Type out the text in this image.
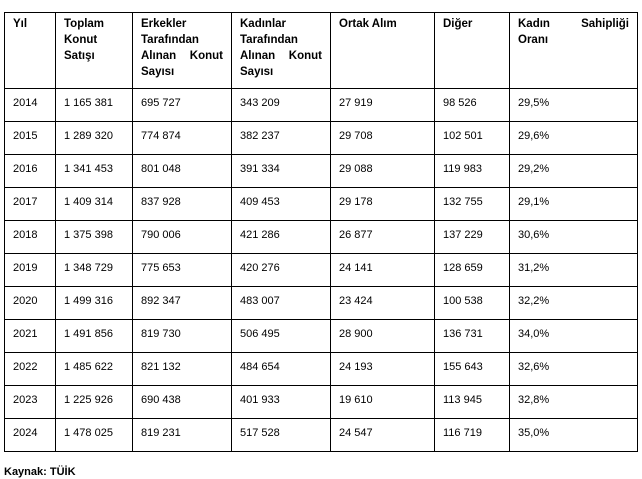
Yıl	Toplam
Konut
Satışı	Erkekler
Tarafından
Alınan Konut
Sayısı	Kadınlar
Tarafından
Alınan Konut
Sayısı	Ortak Alım	Diğer	Kadın Sahipliği
Oranı

2014	1 165 381	695 727	343 209	27 919	98 526	29,5%
2015	1 289 320	774 874	382 237	29 708	102 501	29,6%
2016	1 341 453	801 048	391 334	29 088	119 983	29,2%
2017	1 409 314	837 928	409 453	29 178	132 755	29,1%
2018	1 375 398	790 006	421 286	26 877	137 229	30,6%
2019	1 348 729	775 653	420 276	24 141	128 659	31,2%
2020	1 499 316	892 347	483 007	23 424	100 538	32,2%
2021	1 491 856	819 730	506 495	28 900	136 731	34,0%
2022	1 485 622	821 132	484 654	24 193	155 643	32,6%
2023	1 225 926	690 438	401 933	19 610	113 945	32,8%
2024	1 478 025	819 231	517 528	24 547	116 719	35,0%
Kaynak: TÜİK
